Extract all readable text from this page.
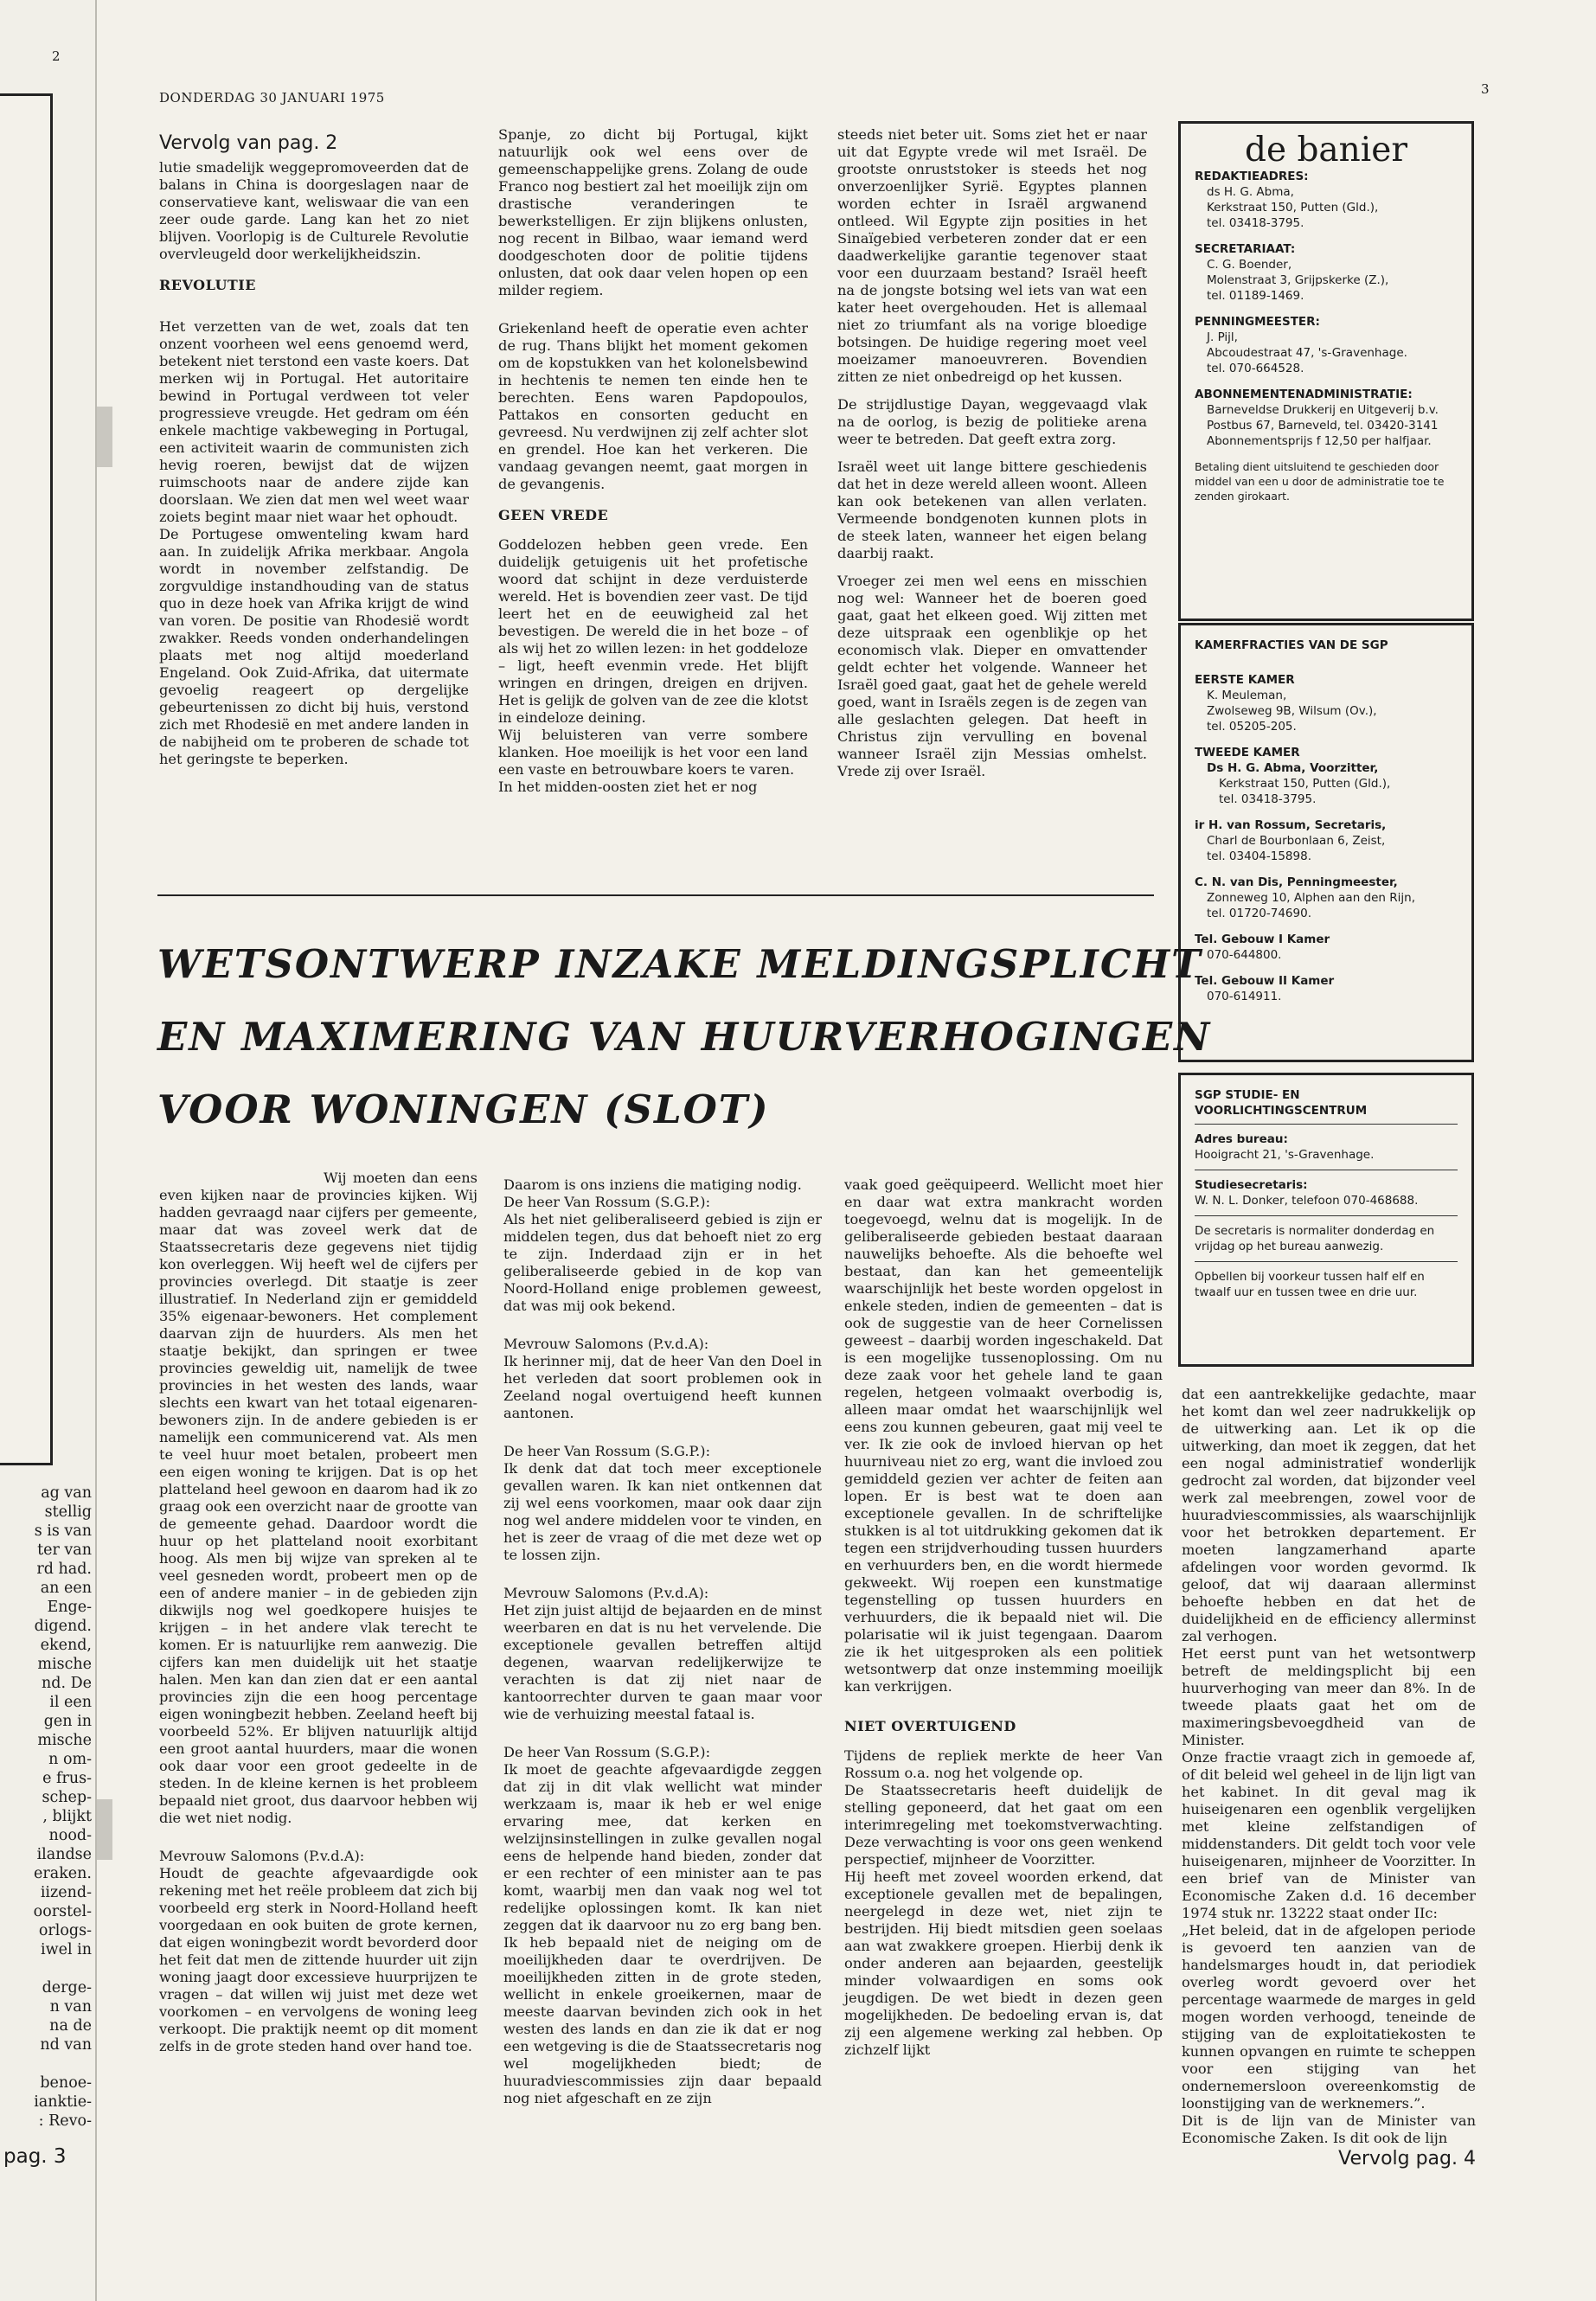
2
ag van
stellig
s is van
ter van
rd had.
an een
Enge-
digend.
ekend,
mische
nd. De
il een
gen in
mische
n om-
e frus-
schep-
, blijkt
nood-
ilandse
eraken.
iizend-
oorstel-
orlogs-
iwel in

derge-
n van
na de
nd van

benoe-
ianktie-
: Revo-
pag. 3
DONDERDAG 30 JANUARI 1975
3

Vervolg van pag. 2

lutie smadelijk weggepromoveerden dat de balans in China is doorgeslagen naar de conservatieve kant, weliswaar die van een zeer oude garde. Lang kan het zo niet blijven. Voorlopig is de Culturele Revolutie overvleugeld door werkelijkheidszin.

REVOLUTIE

Het verzetten van de wet, zoals dat ten onzent voorheen wel eens genoemd werd, betekent niet terstond een vaste koers. Dat merken wij in Portugal. Het autoritaire bewind in Portugal verdween tot veler progressieve vreugde. Het gedram om één enkele machtige vakbeweging in Portugal, een activiteit waarin de communisten zich hevig roeren, bewijst dat de wijzen ruimschoots naar de andere zijde kan doorslaan. We zien dat men wel weet waar zoiets begint maar niet waar het ophoudt.

De Portugese omwenteling kwam hard aan. In zuidelijk Afrika merkbaar. Angola wordt in november zelfstandig. De zorgvuldige instandhouding van de status quo in deze hoek van Afrika krijgt de wind van voren. De positie van Rhodesië wordt zwakker. Reeds vonden onderhandelingen plaats met nog altijd moederland Engeland. Ook Zuid-Afrika, dat uitermate gevoelig reageert op dergelijke gebeurtenissen zo dicht bij huis, verstond zich met Rhodesië en met andere landen in de nabijheid om te proberen de schade tot het geringste te beperken.

Spanje, zo dicht bij Portugal, kijkt natuurlijk ook wel eens over de gemeenschappelijke grens. Zolang de oude Franco nog bestiert zal het moeilijk zijn om drastische veranderingen te bewerkstelligen. Er zijn blijkens onlusten, nog recent in Bilbao, waar iemand werd doodgeschoten door de politie tijdens onlusten, dat ook daar velen hopen op een milder regiem.

Griekenland heeft de operatie even achter de rug. Thans blijkt het moment gekomen om de kopstukken van het kolonelsbewind in hechtenis te nemen ten einde hen te berechten. Eens waren Papdopoulos, Pattakos en consorten geducht en gevreesd. Nu verdwijnen zij zelf achter slot en grendel. Hoe kan het verkeren. Die vandaag gevangen neemt, gaat morgen in de gevangenis.

GEEN VREDE

Goddelozen hebben geen vrede. Een duidelijk getuigenis uit het profetische woord dat schijnt in deze verduisterde wereld. Het is bovendien zeer vast. De tijd leert het en de eeuwigheid zal het bevestigen. De wereld die in het boze – of als wij het zo willen lezen: in het goddeloze – ligt, heeft evenmin vrede. Het blijft wringen en dringen, dreigen en drijven. Het is gelijk de golven van de zee die klotst in eindeloze deining.

Wij beluisteren van verre sombere klanken. Hoe moeilijk is het voor een land een vaste en betrouwbare koers te varen.

In het midden-oosten ziet het er nog

steeds niet beter uit. Soms ziet het er naar uit dat Egypte vrede wil met Israël. De grootste onruststoker is steeds het nog onverzoenlijker Syrië. Egyptes plannen worden echter in Israël argwanend ontleed. Wil Egypte zijn posities in het Sinaïgebied verbeteren zonder dat er een daadwerkelijke garantie tegenover staat voor een duurzaam bestand? Israël heeft na de jongste botsing wel iets van wat een kater heet overgehouden. Het is allemaal niet zo triumfant als na vorige bloedige botsingen. De huidige regering moet veel moeizamer manoeuvreren. Bovendien zitten ze niet onbedreigd op het kussen.

De strijdlustige Dayan, weggevaagd vlak na de oorlog, is bezig de politieke arena weer te betreden. Dat geeft extra zorg.

Israël weet uit lange bittere geschiedenis dat het in deze wereld alleen woont. Alleen kan ook betekenen van allen verlaten. Vermeende bondgenoten kunnen plots in de steek laten, wanneer het eigen belang daarbij raakt.

Vroeger zei men wel eens en misschien nog wel: Wanneer het de boeren goed gaat, gaat het elkeen goed. Wij zitten met deze uitspraak een ogenblikje op het economisch vlak. Dieper en omvattender geldt echter het volgende. Wanneer het Israël goed gaat, gaat het de gehele wereld goed, want in Israëls zegen is de zegen van alle geslachten gelegen. Dat heeft in Christus zijn vervulling en bovenal wanneer Israël zijn Messias omhelst. Vrede zij over Israël.

de banier

REDAKTIEADRES:

ds H. G. Abma,

Kerkstraat 150, Putten (Gld.),

tel. 03418-3795.

SECRETARIAAT:

C. G. Boender,

Molenstraat 3, Grijpskerke (Z.),

tel. 01189-1469.

PENNINGMEESTER:

J. Pijl,

Abcoudestraat 47, 's-Gravenhage.

tel. 070-664528.

ABONNEMENTENADMINISTRATIE:

Barneveldse Drukkerij en Uitgeverij b.v.

Postbus 67, Barneveld, tel. 03420-3141

Abonnementsprijs f 12,50 per halfjaar.

Betaling dient uitsluitend te geschieden door middel van een u door de administratie toe te zenden girokaart.

KAMERFRACTIES VAN DE SGP

EERSTE KAMER

K. Meuleman,

Zwolseweg 9B, Wilsum (Ov.),

tel. 05205-205.

TWEEDE KAMER

Ds H. G. Abma, Voorzitter,

Kerkstraat 150, Putten (Gld.),

tel. 03418-3795.

ir H. van Rossum, Secretaris,

Charl de Bourbonlaan 6, Zeist,

tel. 03404-15898.

C. N. van Dis, Penningmeester,

Zonneweg 10, Alphen aan den Rijn,

tel. 01720-74690.

Tel. Gebouw I Kamer

070-644800.

Tel. Gebouw II Kamer

070-614911.

SGP STUDIE- EN

VOORLICHTINGSCENTRUM

Adres bureau:

Hooigracht 21, 's-Gravenhage.

Studiesecretaris:

W. N. L. Donker, telefoon 070-468688.

De secretaris is normaliter donderdag en vrijdag op het bureau aanwezig.

Opbellen bij voorkeur tussen half elf en twaalf uur en tussen twee en drie uur.

WETSONTWERP INZAKE MELDINGSPLICHT
EN MAXIMERING VAN HUURVERHOGINGEN
VOOR WONINGEN (SLOT)

Wij moeten dan eens even kijken naar de provincies kijken. Wij hadden gevraagd naar cijfers per gemeente, maar dat was zoveel werk dat de Staatssecretaris deze gegevens niet tijdig kon overleggen. Wij heeft wel de cijfers per provincies overlegd. Dit staatje is zeer illustratief. In Nederland zijn er gemiddeld 35% eigenaar-bewoners. Het complement daarvan zijn de huurders. Als men het staatje bekijkt, dan springen er twee provincies geweldig uit, namelijk de twee provincies in het westen des lands, waar slechts een kwart van het totaal eigenaren-bewoners zijn. In de andere gebieden is er namelijk een communicerend vat. Als men te veel huur moet betalen, probeert men een eigen woning te krijgen. Dat is op het platteland heel gewoon en daarom had ik zo graag ook een overzicht naar de grootte van de gemeente gehad. Daardoor wordt die huur op het platteland nooit exorbitant hoog. Als men bij wijze van spreken al te veel gesneden wordt, probeert men op de een of andere manier – in de gebieden zijn dikwijls nog wel goedkopere huisjes te krijgen – in het andere vlak terecht te komen. Er is natuurlijke rem aanwezig. Die cijfers kan men duidelijk uit het staatje halen. Men kan dan zien dat er een aantal provincies zijn die een hoog percentage eigen woningbezit hebben. Zeeland heeft bij voorbeeld 52%. Er blijven natuurlijk altijd een groot aantal huurders, maar die wonen ook daar voor een groot gedeelte in de steden. In de kleine kernen is het probleem bepaald niet groot, dus daarvoor hebben wij die wet niet nodig.

Mevrouw Salomons (P.v.d.A):

Houdt de geachte afgevaardigde ook rekening met het reële probleem dat zich bij voorbeeld erg sterk in Noord-Holland heeft voorgedaan en ook buiten de grote kernen, dat eigen woningbezit wordt bevorderd door het feit dat men de zittende huurder uit zijn woning jaagt door excessieve huurprijzen te vragen – dat willen wij juist met deze wet voorkomen – en vervolgens de woning leeg verkoopt. Die praktijk neemt op dit moment zelfs in de grote steden hand over hand toe.

Daarom is ons inziens die matiging nodig.

De heer Van Rossum (S.G.P.):

Als het niet geliberaliseerd gebied is zijn er middelen tegen, dus dat behoeft niet zo erg te zijn. Inderdaad zijn er in het geliberaliseerde gebied in de kop van Noord-Holland enige problemen geweest, dat was mij ook bekend.

Mevrouw Salomons (P.v.d.A):

Ik herinner mij, dat de heer Van den Doel in het verleden dat soort problemen ook in Zeeland nogal overtuigend heeft kunnen aantonen.

De heer Van Rossum (S.G.P.):

Ik denk dat dat toch meer exceptionele gevallen waren. Ik kan niet ontkennen dat zij wel eens voorkomen, maar ook daar zijn nog wel andere middelen voor te vinden, en het is zeer de vraag of die met deze wet op te lossen zijn.

Mevrouw Salomons (P.v.d.A):

Het zijn juist altijd de bejaarden en de minst weerbaren en dat is nu het vervelende. Die exceptionele gevallen betreffen altijd degenen, waarvan redelijkerwijze te verachten is dat zij niet naar de kantoorrechter durven te gaan maar voor wie de verhuizing meestal fataal is.

De heer Van Rossum (S.G.P.):

Ik moet de geachte afgevaardigde zeggen dat zij in dit vlak wellicht wat minder werkzaam is, maar ik heb er wel enige ervaring mee, dat kerken en welzijnsinstellingen in zulke gevallen nogal eens de helpende hand bieden, zonder dat er een rechter of een minister aan te pas komt, waarbij men dan vaak nog wel tot redelijke oplossingen komt. Ik kan niet zeggen dat ik daarvoor nu zo erg bang ben. Ik heb bepaald niet de neiging om de moeilijkheden daar te overdrijven. De moeilijkheden zitten in de grote steden, wellicht in enkele groeikernen, maar de meeste daarvan bevinden zich ook in het westen des lands en dan zie ik dat er nog een wetgeving is die de Staatssecretaris nog wel mogelijkheden biedt; de huuradviescommissies zijn daar bepaald nog niet afgeschaft en ze zijn

vaak goed geëquipeerd. Wellicht moet hier en daar wat extra mankracht worden toegevoegd, welnu dat is mogelijk. In de geliberaliseerde gebieden bestaat daaraan nauwelijks behoefte. Als die behoefte wel bestaat, dan kan het gemeentelijk waarschijnlijk het beste worden opgelost in enkele steden, indien de gemeenten – dat is ook de suggestie van de heer Cornelissen geweest – daarbij worden ingeschakeld. Dat is een mogelijke tussenoplossing. Om nu deze zaak voor het gehele land te gaan regelen, hetgeen volmaakt overbodig is, alleen maar omdat het waarschijnlijk wel eens zou kunnen gebeuren, gaat mij veel te ver. Ik zie ook de invloed hiervan op het huurniveau niet zo erg, want die invloed zou gemiddeld gezien ver achter de feiten aan lopen. Er is best wat te doen aan exceptionele gevallen. In de schriftelijke stukken is al tot uitdrukking gekomen dat ik tegen een strijdverhouding tussen huurders en verhuurders ben, en die wordt hiermede gekweekt. Wij roepen een kunstmatige tegenstelling op tussen huurders en verhuurders, die ik bepaald niet wil. Die polarisatie wil ik juist tegengaan. Daarom zie ik het uitgesproken als een politiek wetsontwerp dat onze instemming moeilijk kan verkrijgen.

NIET OVERTUIGEND

Tijdens de repliek merkte de heer Van Rossum o.a. nog het volgende op.

De Staatssecretaris heeft duidelijk de stelling geponeerd, dat het gaat om een interimregeling met toekomstverwachting. Deze verwachting is voor ons geen wenkend perspectief, mijnheer de Voorzitter.

Hij heeft met zoveel woorden erkend, dat exceptionele gevallen met de bepalingen, neergelegd in deze wet, niet zijn te bestrijden. Hij biedt mitsdien geen soelaas aan wat zwakkere groepen. Hierbij denk ik onder anderen aan bejaarden, geestelijk minder volwaardigen en soms ook jeugdigen. De wet biedt in dezen geen mogelijkheden. De bedoeling ervan is, dat zij een algemene werking zal hebben. Op zichzelf lijkt

dat een aantrekkelijke gedachte, maar het komt dan wel zeer nadrukkelijk op de uitwerking aan. Let ik op die uitwerking, dan moet ik zeggen, dat het een nogal administratief wonderlijk gedrocht zal worden, dat bijzonder veel werk zal meebrengen, zowel voor de huuradviescommissies, als waarschijnlijk voor het betrokken departement. Er moeten langzamerhand aparte afdelingen voor worden gevormd. Ik geloof, dat wij daaraan allerminst behoefte hebben en dat het de duidelijkheid en de efficiency allerminst zal verhogen.

Het eerst punt van het wetsontwerp betreft de meldingsplicht bij een huurverhoging van meer dan 8%. In de tweede plaats gaat het om de maximeringsbevoegdheid van de Minister.

Onze fractie vraagt zich in gemoede af, of dit beleid wel geheel in de lijn ligt van het kabinet. In dit geval mag ik huiseigenaren een ogenblik vergelijken met kleine zelfstandigen of middenstanders. Dit geldt toch voor vele huiseigenaren, mijnheer de Voorzitter. In een brief van de Minister van Economische Zaken d.d. 16 december 1974 stuk nr. 13222 staat onder IIc:

„Het beleid, dat in de afgelopen periode is gevoerd ten aanzien van de handelsmarges houdt in, dat periodiek overleg wordt gevoerd over het percentage waarmede de marges in geld mogen worden verhoogd, teneinde de stijging van de exploitatiekosten te kunnen opvangen en ruimte te scheppen voor een stijging van het ondernemersloon overeenkomstig de loonstijging van de werknemers.”.

Dit is de lijn van de Minister van Economische Zaken. Is dit ook de lijn

Vervolg pag. 4
